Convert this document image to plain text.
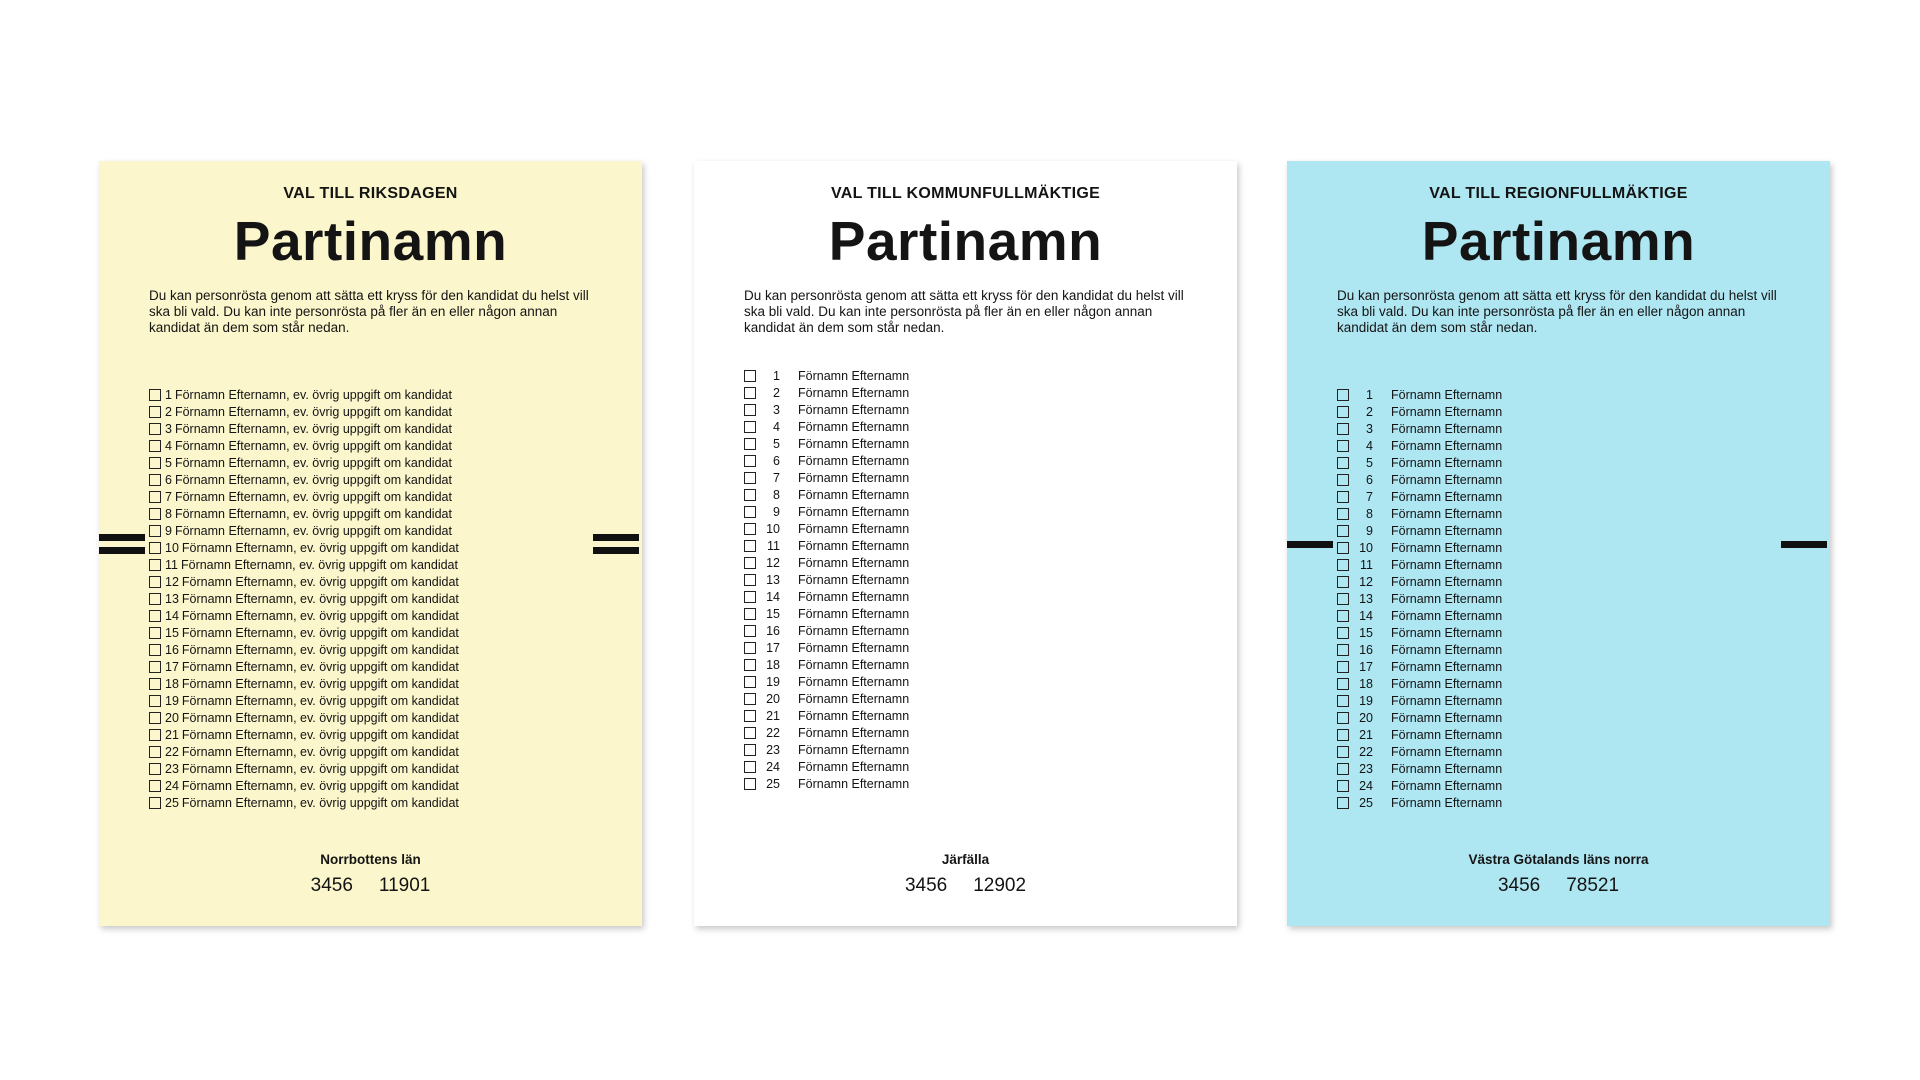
VAL TILL RIKSDAGEN
Partinamn
Du kan personrösta genom att sätta ett kryss för den kandidat du helst vill ska bli vald. Du kan inte personrösta på fler än en eller någon annan kandidat än dem som står nedan.
1 Förnamn Efternamn, ev. övrig uppgift om kandidat
2 Förnamn Efternamn, ev. övrig uppgift om kandidat
3 Förnamn Efternamn, ev. övrig uppgift om kandidat
4 Förnamn Efternamn, ev. övrig uppgift om kandidat
5 Förnamn Efternamn, ev. övrig uppgift om kandidat
6 Förnamn Efternamn, ev. övrig uppgift om kandidat
7 Förnamn Efternamn, ev. övrig uppgift om kandidat
8 Förnamn Efternamn, ev. övrig uppgift om kandidat
9 Förnamn Efternamn, ev. övrig uppgift om kandidat
10 Förnamn Efternamn, ev. övrig uppgift om kandidat
11 Förnamn Efternamn, ev. övrig uppgift om kandidat
12 Förnamn Efternamn, ev. övrig uppgift om kandidat
13 Förnamn Efternamn, ev. övrig uppgift om kandidat
14 Förnamn Efternamn, ev. övrig uppgift om kandidat
15 Förnamn Efternamn, ev. övrig uppgift om kandidat
16 Förnamn Efternamn, ev. övrig uppgift om kandidat
17 Förnamn Efternamn, ev. övrig uppgift om kandidat
18 Förnamn Efternamn, ev. övrig uppgift om kandidat
19 Förnamn Efternamn, ev. övrig uppgift om kandidat
20 Förnamn Efternamn, ev. övrig uppgift om kandidat
21 Förnamn Efternamn, ev. övrig uppgift om kandidat
22 Förnamn Efternamn, ev. övrig uppgift om kandidat
23 Förnamn Efternamn, ev. övrig uppgift om kandidat
24 Förnamn Efternamn, ev. övrig uppgift om kandidat
25 Förnamn Efternamn, ev. övrig uppgift om kandidat
Norrbottens län
3456 11901
VAL TILL KOMMUNFULLMÄKTIGE
Partinamn
Du kan personrösta genom att sätta ett kryss för den kandidat du helst vill ska bli vald. Du kan inte personrösta på fler än en eller någon annan kandidat än dem som står nedan.
1 Förnamn Efternamn
2 Förnamn Efternamn
3 Förnamn Efternamn
4 Förnamn Efternamn
5 Förnamn Efternamn
6 Förnamn Efternamn
7 Förnamn Efternamn
8 Förnamn Efternamn
9 Förnamn Efternamn
10 Förnamn Efternamn
11 Förnamn Efternamn
12 Förnamn Efternamn
13 Förnamn Efternamn
14 Förnamn Efternamn
15 Förnamn Efternamn
16 Förnamn Efternamn
17 Förnamn Efternamn
18 Förnamn Efternamn
19 Förnamn Efternamn
20 Förnamn Efternamn
21 Förnamn Efternamn
22 Förnamn Efternamn
23 Förnamn Efternamn
24 Förnamn Efternamn
25 Förnamn Efternamn
Järfälla
3456 12902
VAL TILL REGIONFULLMÄKTIGE
Partinamn
Du kan personrösta genom att sätta ett kryss för den kandidat du helst vill ska bli vald. Du kan inte personrösta på fler än en eller någon annan kandidat än dem som står nedan.
1 Förnamn Efternamn
2 Förnamn Efternamn
3 Förnamn Efternamn
4 Förnamn Efternamn
5 Förnamn Efternamn
6 Förnamn Efternamn
7 Förnamn Efternamn
8 Förnamn Efternamn
9 Förnamn Efternamn
10 Förnamn Efternamn
11 Förnamn Efternamn
12 Förnamn Efternamn
13 Förnamn Efternamn
14 Förnamn Efternamn
15 Förnamn Efternamn
16 Förnamn Efternamn
17 Förnamn Efternamn
18 Förnamn Efternamn
19 Förnamn Efternamn
20 Förnamn Efternamn
21 Förnamn Efternamn
22 Förnamn Efternamn
23 Förnamn Efternamn
24 Förnamn Efternamn
25 Förnamn Efternamn
Västra Götalands läns norra
3456 78521
